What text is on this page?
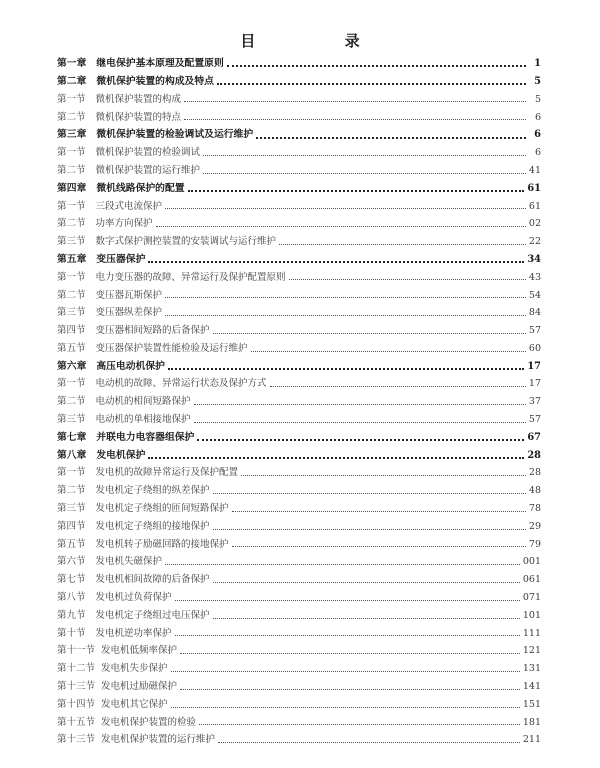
目 录
第一章 继电保护基本原理及配置原则	1
第二章 微机保护装置的构成及特点	5
第一节 微机保护装置的构成	5
第二节 微机保护装置的特点	6
第三章 微机保护装置的检验调试及运行维护	6
第一节 微机保护装置的检验调试	6
第二节 微机保护装置的运行维护	41
第四章 微机线路保护的配置	61
第一节 三段式电流保护	61
第二节 功率方向保护	02
第三节 数字式保护测控装置的安装调试与运行维护	22
第五章 变压器保护	34
第一节 电力变压器的故障、异常运行及保护配置原则	43
第二节 变压器瓦斯保护	54
第三节 变压器纵差保护	84
第四节 变压器相间短路的后备保护	57
第五节 变压器保护装置性能检验及运行维护	60
第六章 高压电动机保护	17
第一节 电动机的故障、异常运行状态及保护方式	17
第二节 电动机的相间短路保护	37
第三节 电动机的单相接地保护	57
第七章 并联电力电容器组保护	67
第八章 发电机保护	28
第一节 发电机的故障异常运行及保护配置	28
第二节 发电机定子绕组的纵差保护	48
第三节 发电机定子绕组的匝间短路保护	78
第四节 发电机定子绕组的接地保护	29
第五节 发电机转子励磁回路的接地保护	79
第六节 发电机失磁保护	001
第七节 发电机相间故障的后备保护	061
第八节 发电机过负荷保护	071
第九节 发电机定子绕组过电压保护	101
第十节 发电机逆功率保护	111
第十一节 发电机低频率保护	121
第十二节 发电机失步保护	131
第十三节 发电机过励磁保护	141
第十四节 发电机其它保护	151
第十五节 发电机保护装置的检验	181
第十三节 发电机保护装置的运行维护	211
